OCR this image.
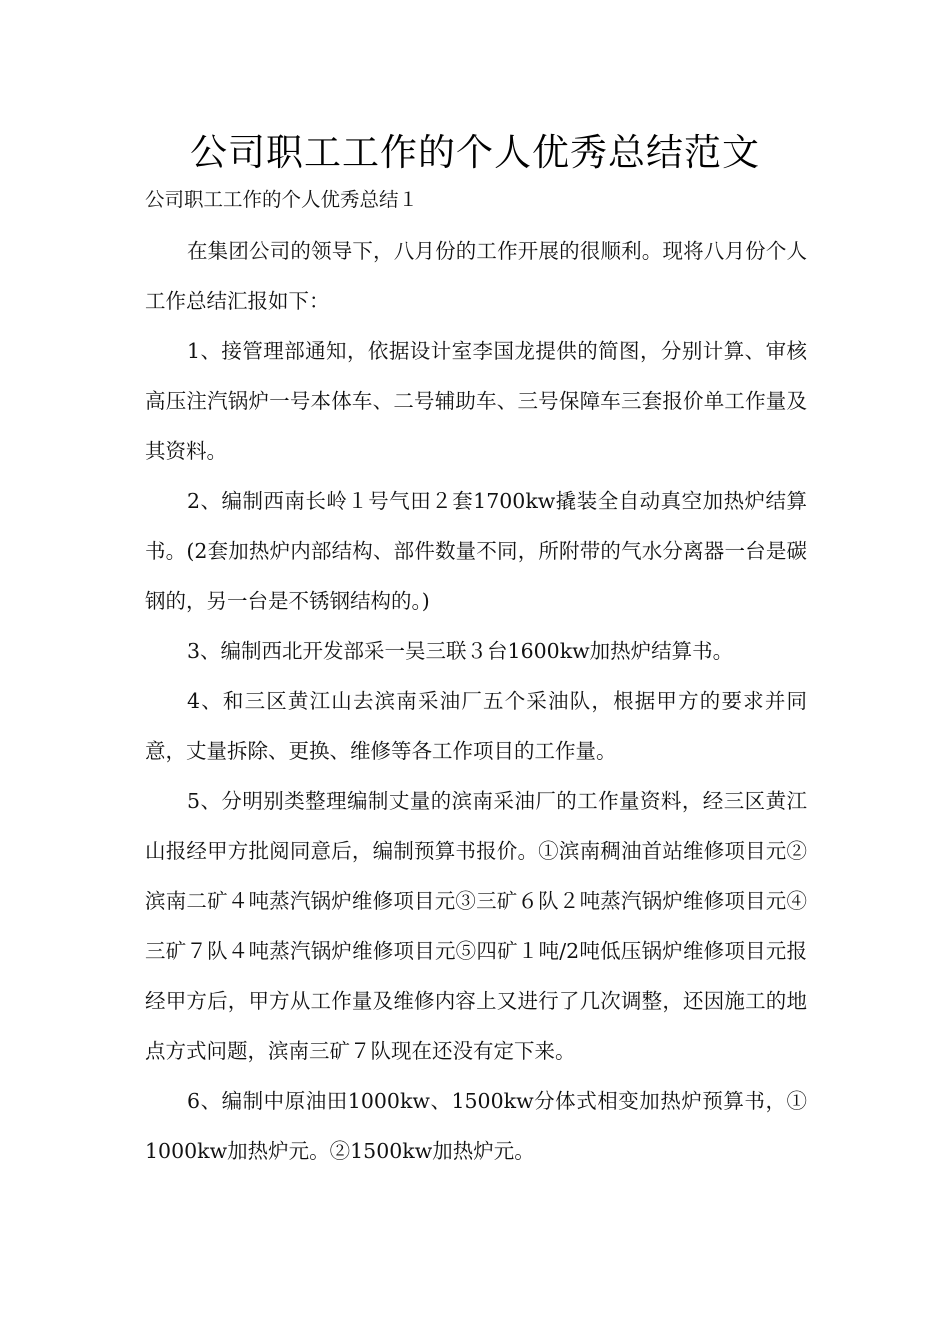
公司职工工作的个人优秀总结范文
公司职工工作的个人优秀总结１

在集团公司的领导下，八月份的工作开展的很顺利。现将八月份个人工作总结汇报如下：

1、接管理部通知，依据设计室李国龙提供的简图，分别计算、审核高压注汽锅炉一号本体车、二号辅助车、三号保障车三套报价单工作量及其资料。

2、编制西南长岭１号气田２套1700kw撬装全自动真空加热炉结算书。(2套加热炉内部结构、部件数量不同，所附带的气水分离器一台是碳钢的，另一台是不锈钢结构的。)

3、编制西北开发部采一吴三联３台1600kw加热炉结算书。

4、和三区黄江山去滨南采油厂五个采油队，根据甲方的要求并同意，丈量拆除、更换、维修等各工作项目的工作量。

5、分明别类整理编制丈量的滨南采油厂的工作量资料，经三区黄江山报经甲方批阅同意后，编制预算书报价。①滨南稠油首站维修项目元②滨南二矿４吨蒸汽锅炉维修项目元③三矿６队２吨蒸汽锅炉维修项目元④三矿７队４吨蒸汽锅炉维修项目元⑤四矿１吨/2吨低压锅炉维修项目元报经甲方后，甲方从工作量及维修内容上又进行了几次调整，还因施工的地点方式问题，滨南三矿７队现在还没有定下来。

6、编制中原油田1000kw、1500kw分体式相变加热炉预算书，①1000kw加热炉元。②1500kw加热炉元。
